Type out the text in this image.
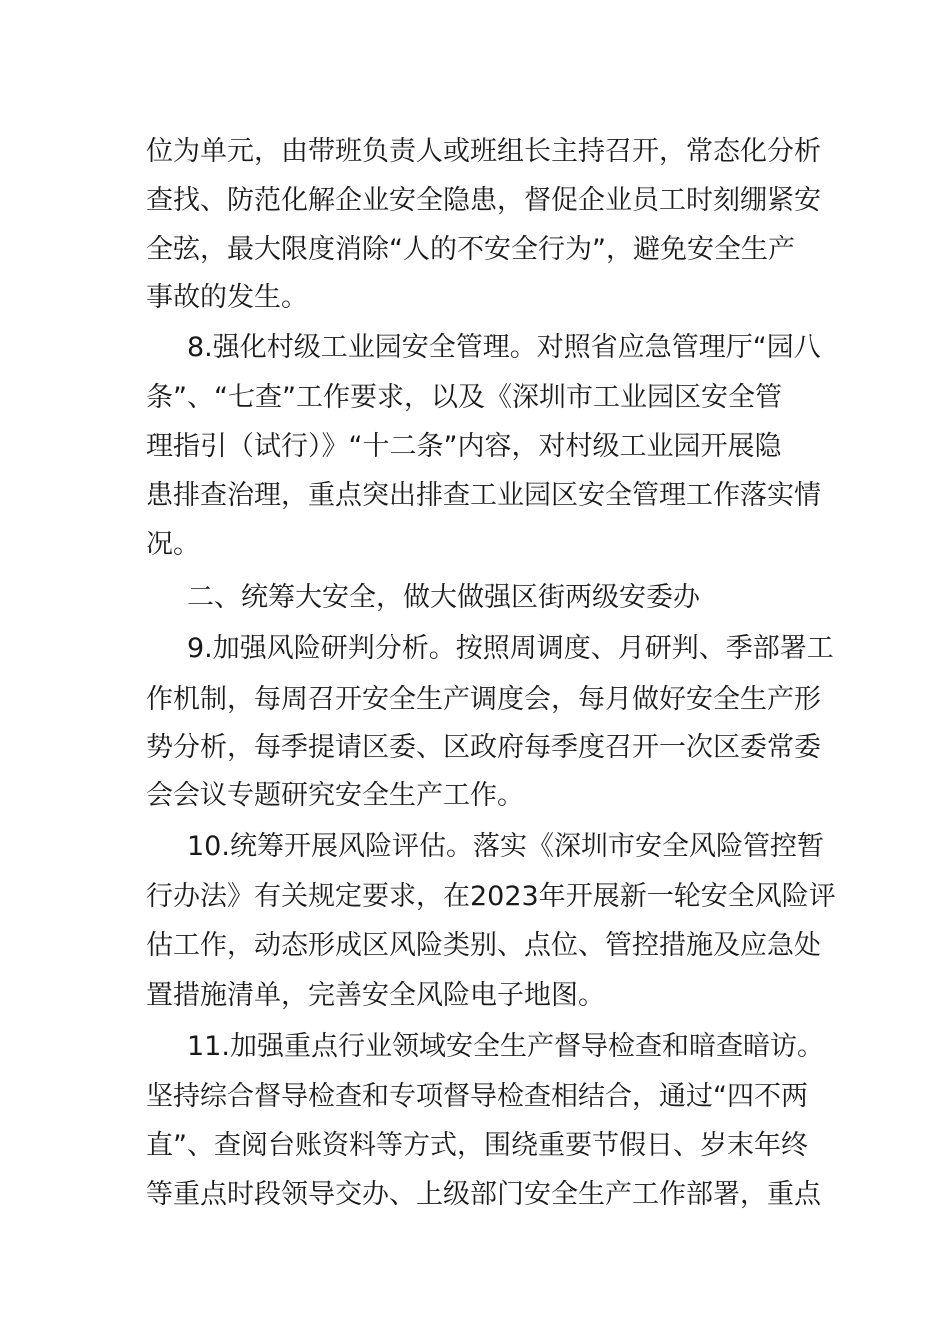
位为单元，由带班负责人或班组长主持召开，常态化分析
查找、防范化解企业安全隐患，督促企业员工时刻绷紧安
全弦，最大限度消除“人的不安全行为”，避免安全生产
事故的发生。
8.强化村级工业园安全管理。对照省应急管理厅“园八
条”、“七查”工作要求，以及《深圳市工业园区安全管
理指引（试行）》“十二条”内容，对村级工业园开展隐
患排查治理，重点突出排查工业园区安全管理工作落实情
况。
二、统筹大安全，做大做强区街两级安委办
9.加强风险研判分析。按照周调度、月研判、季部署工
作机制，每周召开安全生产调度会，每月做好安全生产形
势分析，每季提请区委、区政府每季度召开一次区委常委
会会议专题研究安全生产工作。
10.统筹开展风险评估。落实《深圳市安全风险管控暂
行办法》有关规定要求，在2023年开展新一轮安全风险评
估工作，动态形成区风险类别、点位、管控措施及应急处
置措施清单，完善安全风险电子地图。
11.加强重点行业领域安全生产督导检查和暗查暗访。
坚持综合督导检查和专项督导检查相结合，通过“四不两
直”、查阅台账资料等方式，围绕重要节假日、岁末年终
等重点时段领导交办、上级部门安全生产工作部署，重点
